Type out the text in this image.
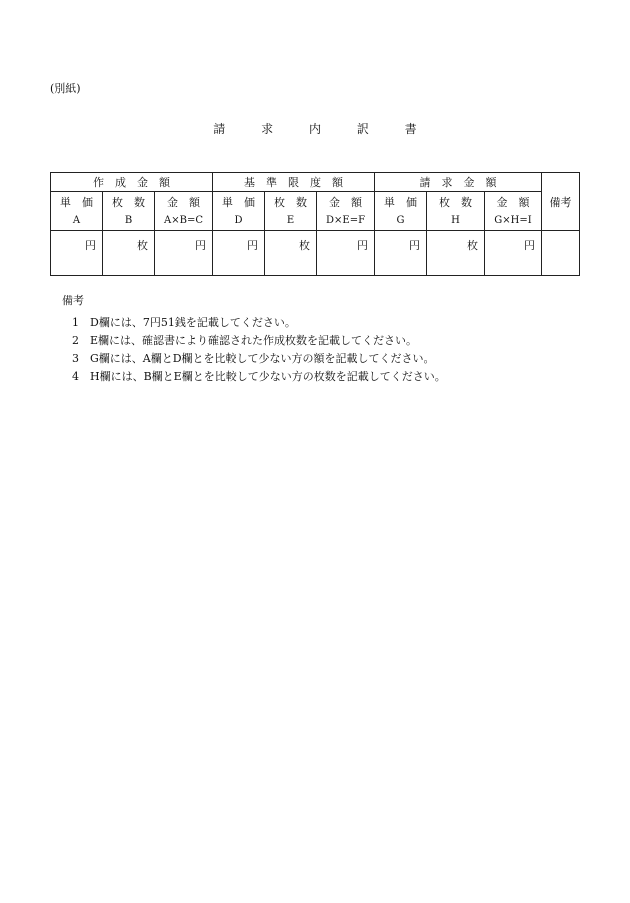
(別紙)
請	求	内	訳	書
作　成　金　額			基　準　限　度　額			請　求　金　額			備考
単　価	枚　数	金　額	単　価	枚　数	金　額	単　価	枚　数	金　額	
A	B	A×B=C	D	E	D×E=F	G	H	G×H=I	
円	枚	円	円	枚	円	円	枚	円	
備考
1 D欄には、7円51銭を記載してください。
2 E欄には、確認書により確認された作成枚数を記載してください。
3 G欄には、A欄とD欄とを比較して少ない方の額を記載してください。
4 H欄には、B欄とE欄とを比較して少ない方の枚数を記載してください。
